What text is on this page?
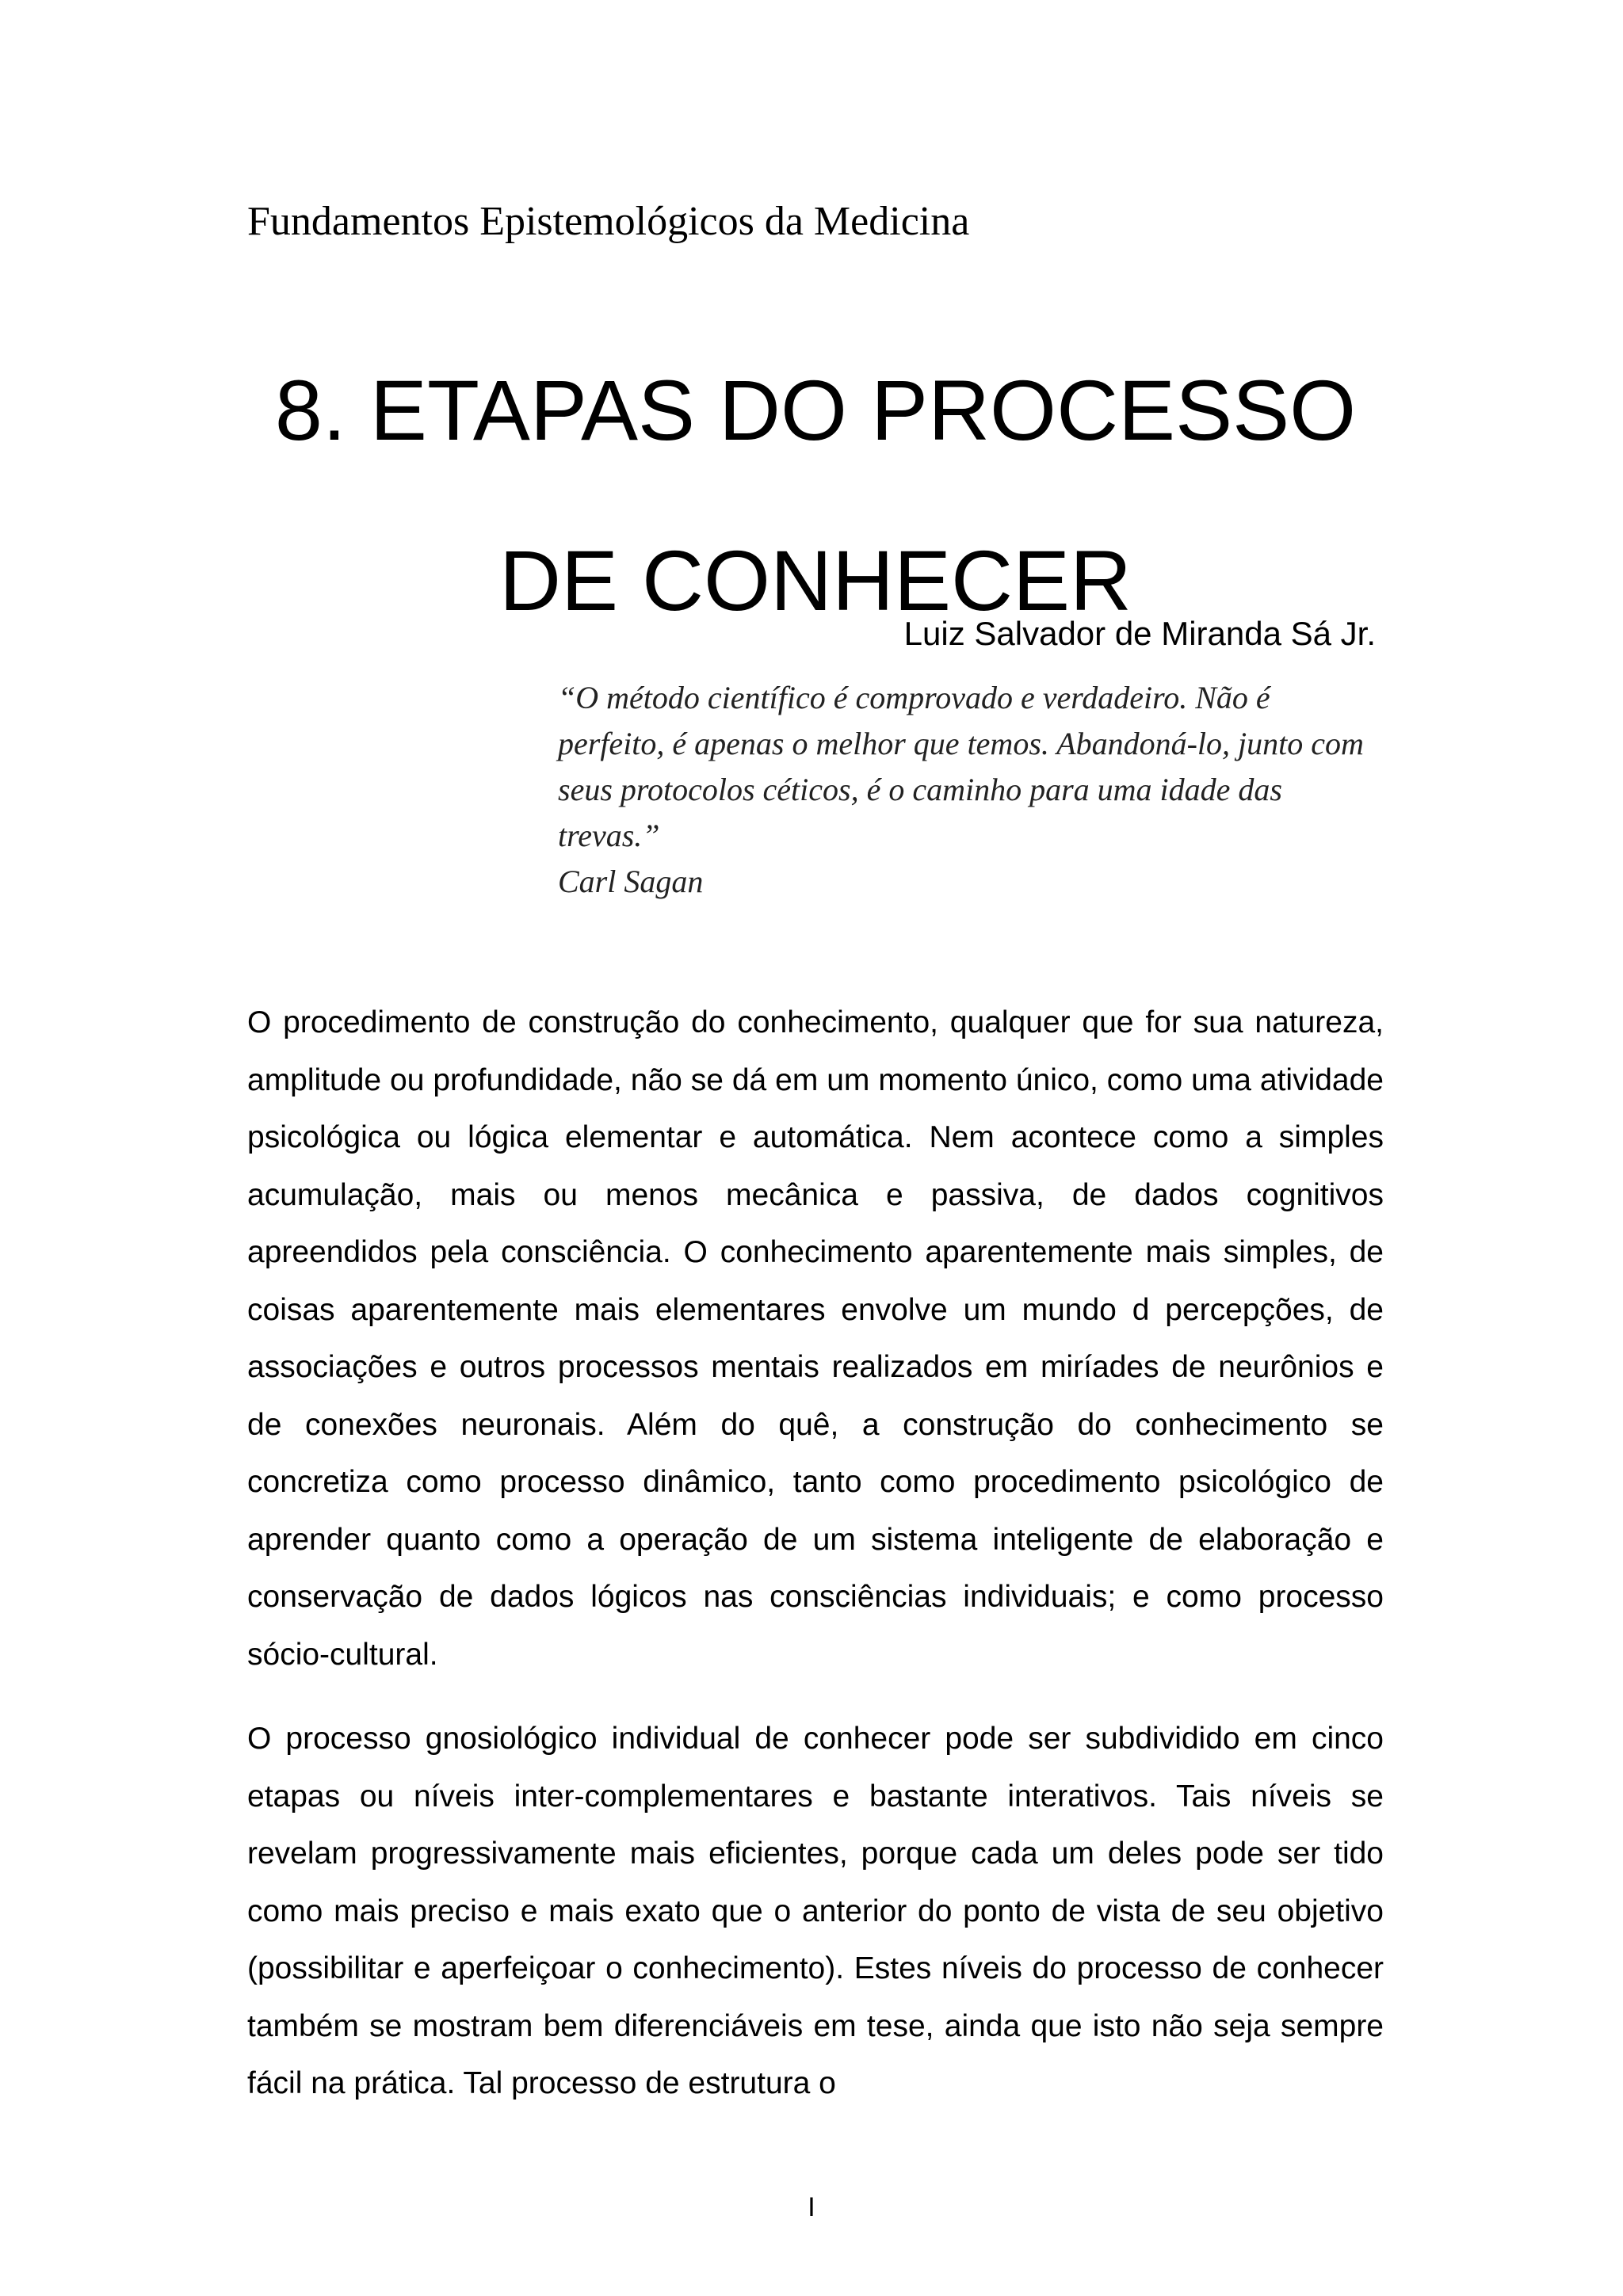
Fundamentos Epistemológicos da Medicina
8. ETAPAS DO PROCESSO
DE CONHECER
Luiz Salvador de Miranda Sá Jr.

“O método científico é comprovado e verdadeiro. Não é perfeito, é apenas o melhor que temos. Abandoná-lo, junto com seus protocolos céticos, é o caminho para uma idade das trevas.”

Carl Sagan

O procedimento de construção do conhecimento, qualquer que for sua natureza, amplitude ou profundidade, não se dá em um momento único, como uma atividade psicológica ou lógica elementar e automática. Nem acontece como a simples acumulação, mais ou menos mecânica e passiva, de dados cognitivos apreendidos pela consciência. O conhecimento aparentemente mais simples, de coisas aparentemente mais elementares envolve um mundo d percepções, de associações e outros processos mentais realizados em miríades de neurônios e de conexões neuronais. Além do quê, a construção do conhecimento se concretiza como processo dinâmico, tanto como procedimento psicológico de aprender quanto como a operação de um sistema inteligente de elaboração e conservação de dados lógicos nas consciências individuais; e como processo sócio-cultural.

O processo gnosiológico individual de conhecer pode ser subdividido em cinco etapas ou níveis inter-complementares e bastante interativos. Tais níveis se revelam progressivamente mais eficientes, porque cada um deles pode ser tido como mais preciso e mais exato que o anterior do ponto de vista de seu objetivo (possibilitar e aperfeiçoar o conhecimento). Estes níveis do processo de conhecer também se mostram bem diferenciáveis em tese, ainda que isto não seja sempre fácil na prática. Tal processo de estrutura o

I
